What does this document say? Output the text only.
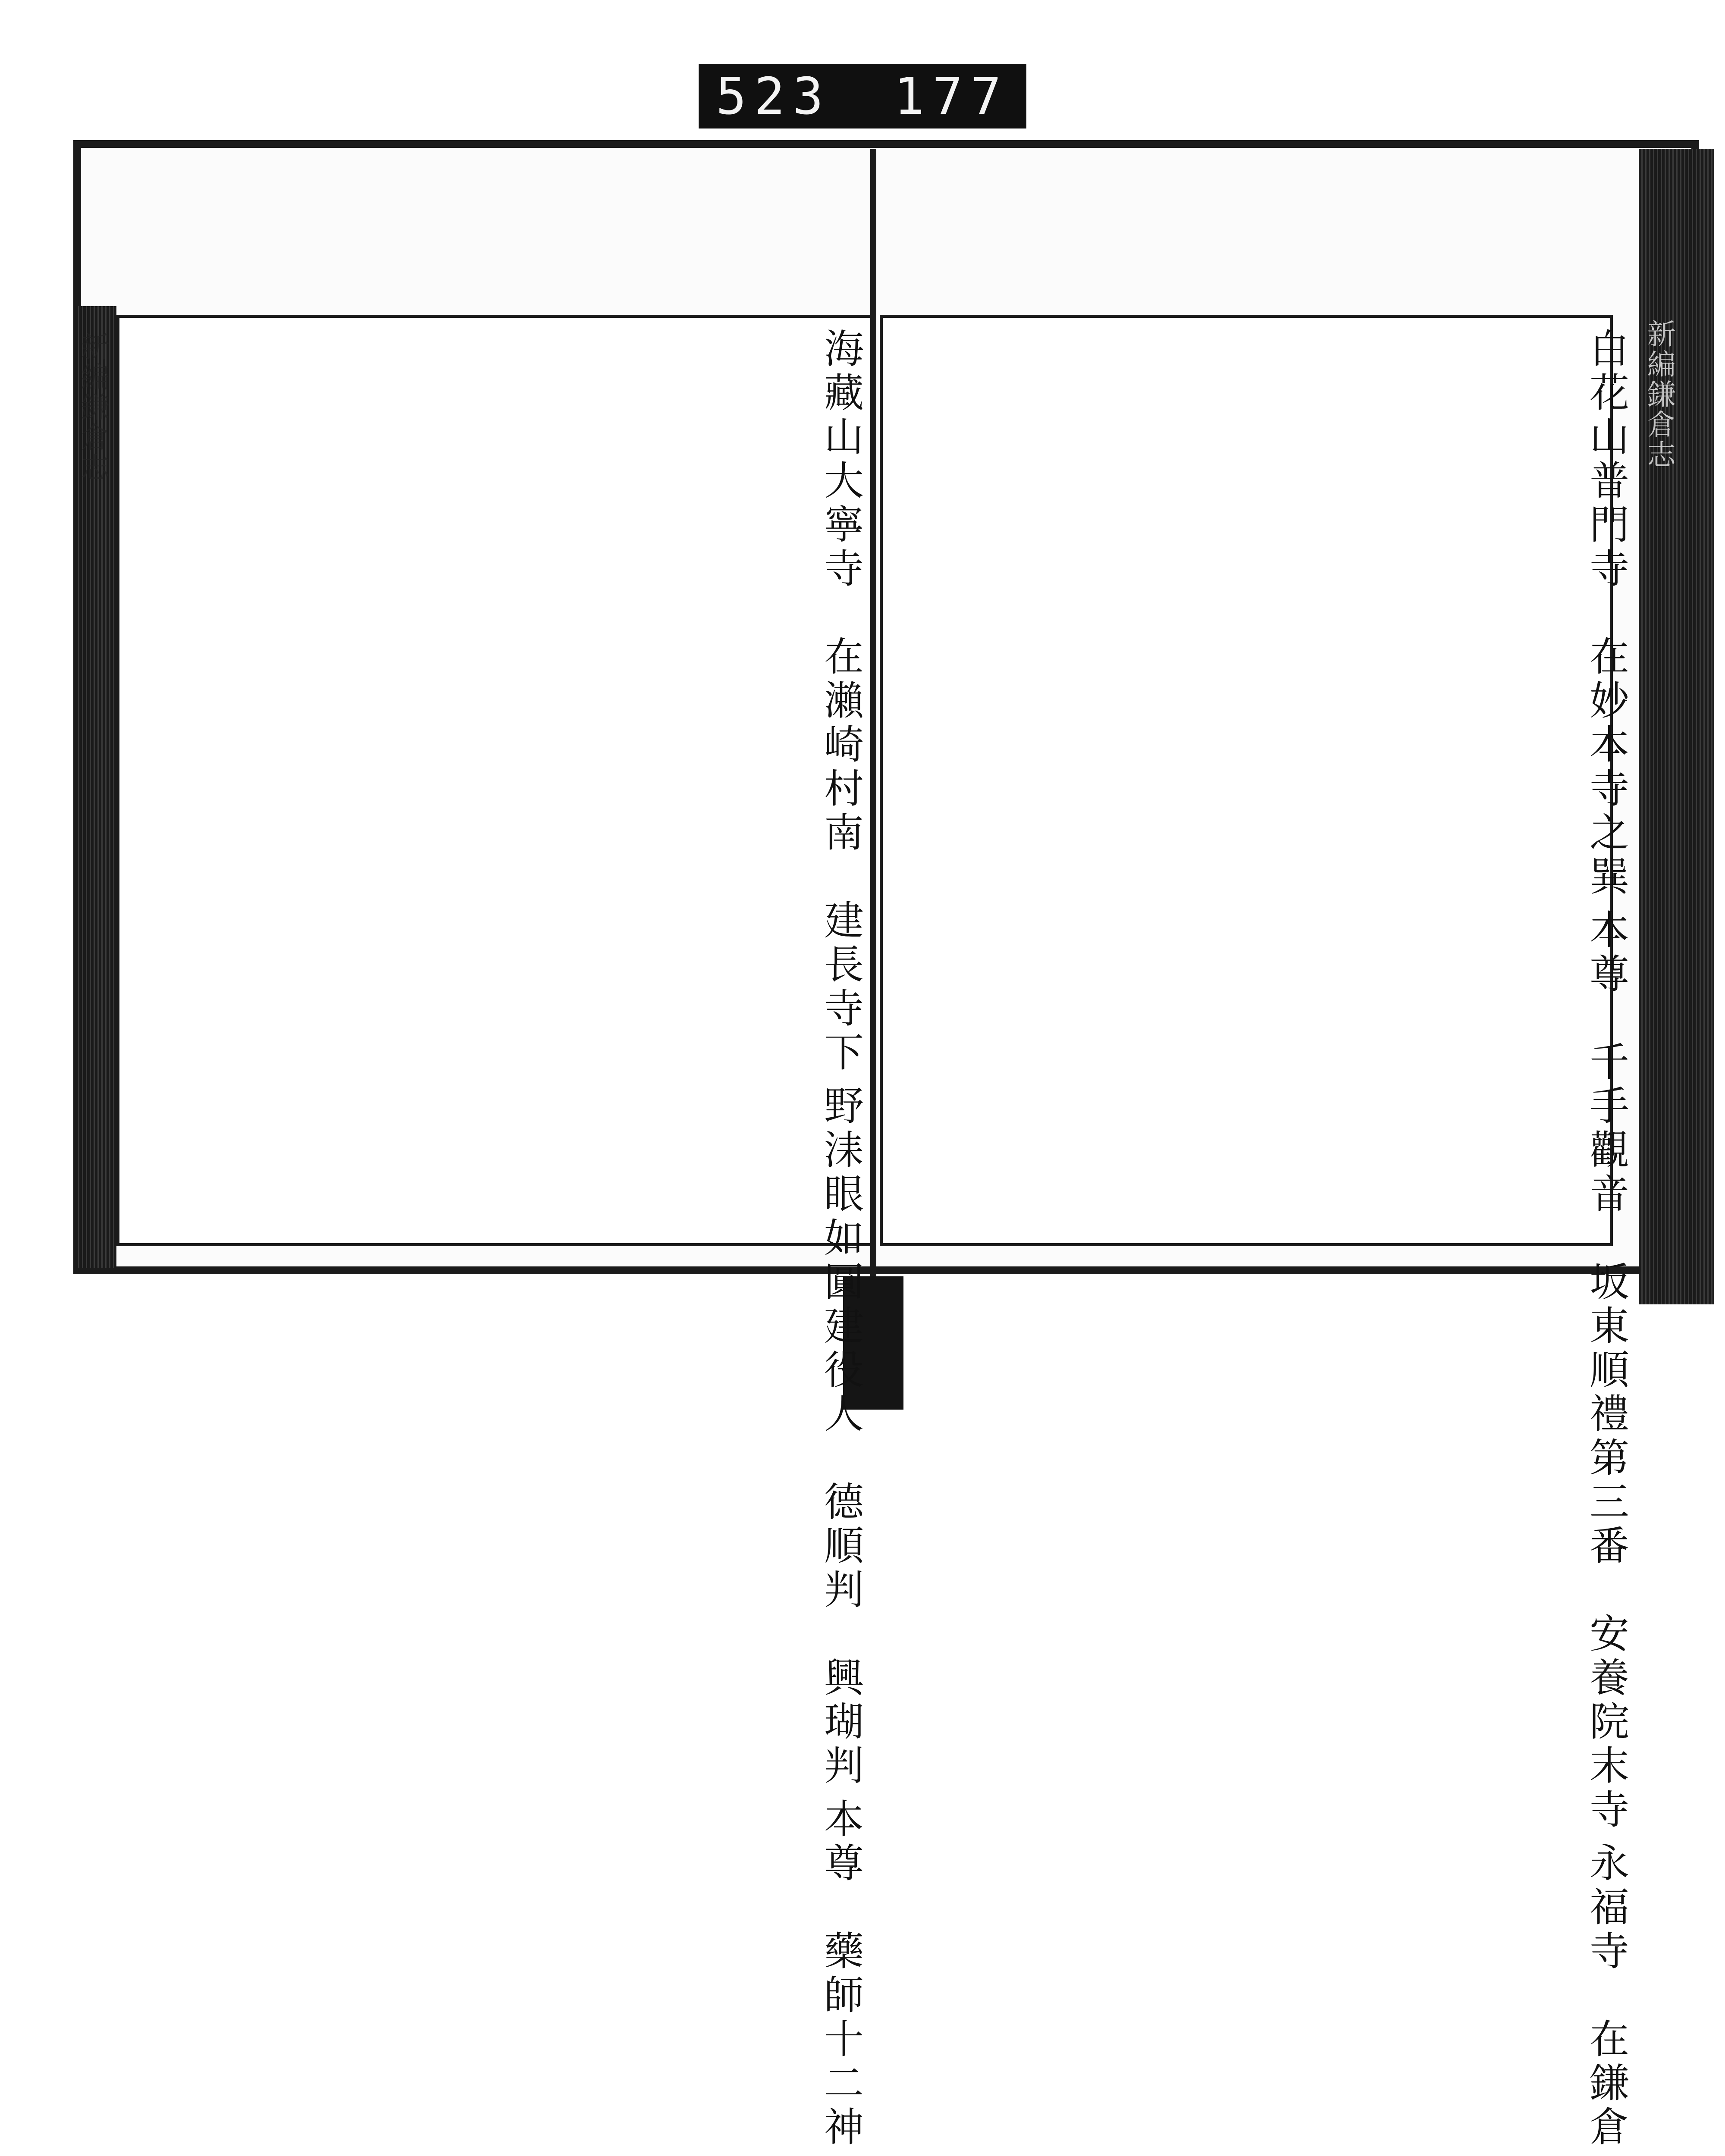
523 177
新編鎌倉志	新編鎌倉志
海藏山大寧寺　在瀨崎村南　建長寺下
野洡眼如圓建役人　德順判　興瑚判
本尊　藥師十二神
白花山普門寺　在妙本寺之巽
本尊　千手觀音　坂東順禮第三番　安養院末寺
永福寺　在鎌倉
